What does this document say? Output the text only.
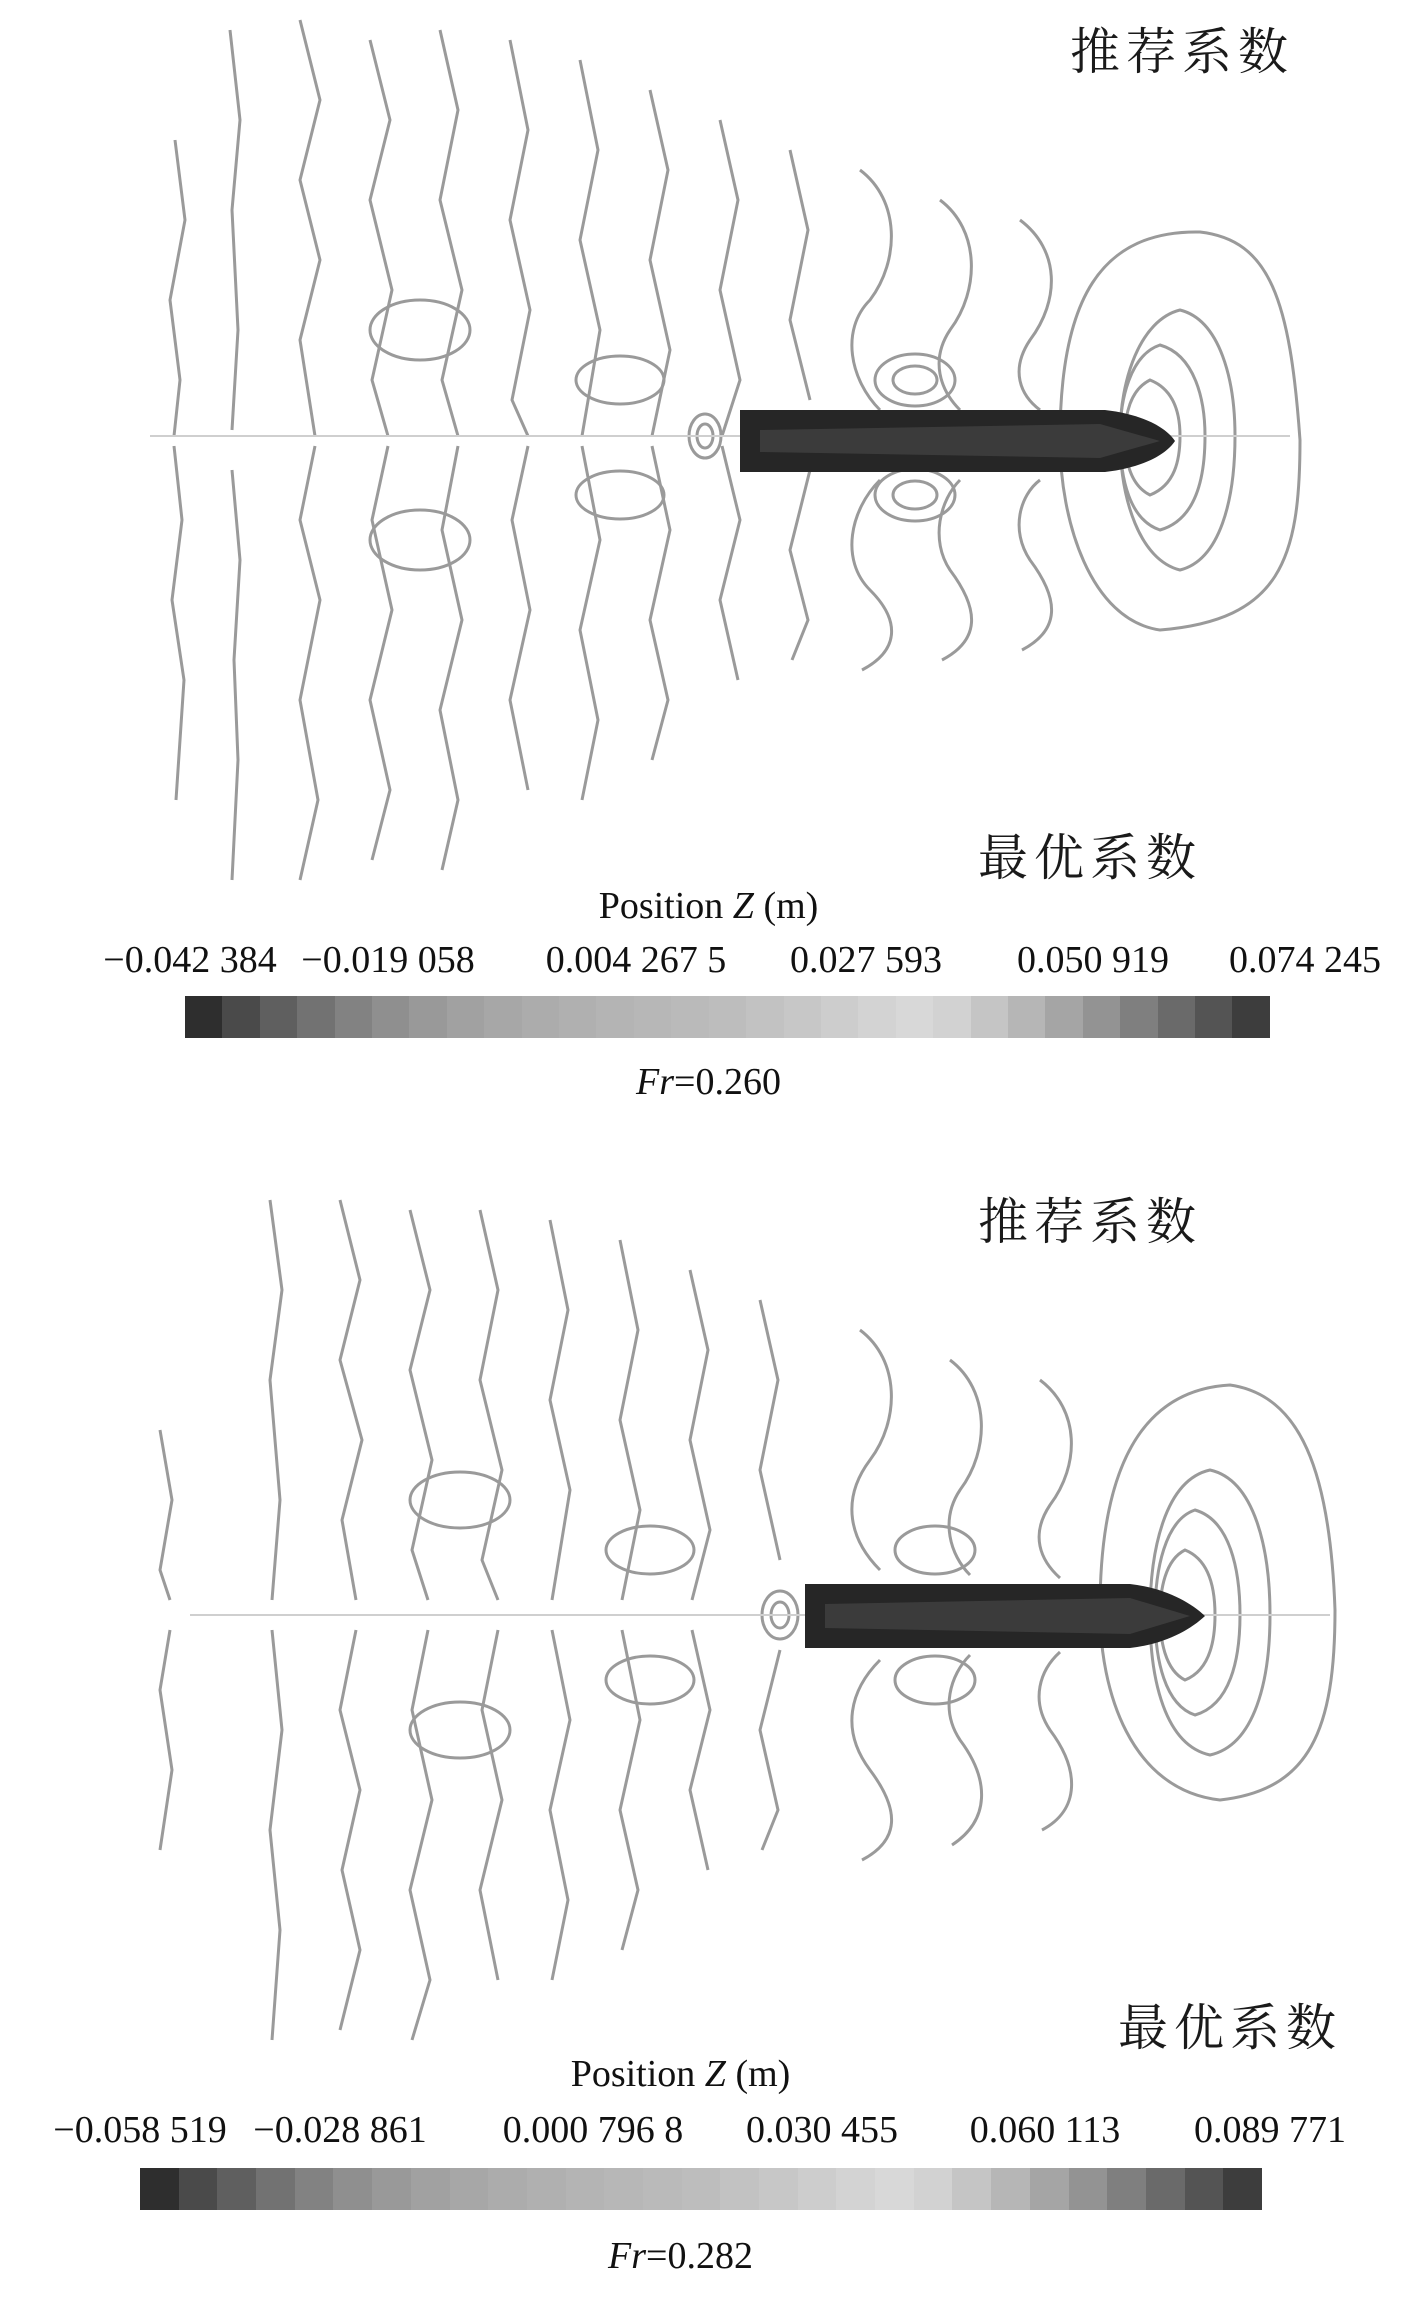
推荐系数
最优系数
Position Z (m)
−0.042 384 −0.019 058 0.004 267 5 0.027 593 0.050 919 0.074 245
Fr=0.260
推荐系数
最优系数
Position Z (m)
−0.058 519 −0.028 861 0.000 796 8 0.030 455 0.060 113 0.089 771
Fr=0.282
